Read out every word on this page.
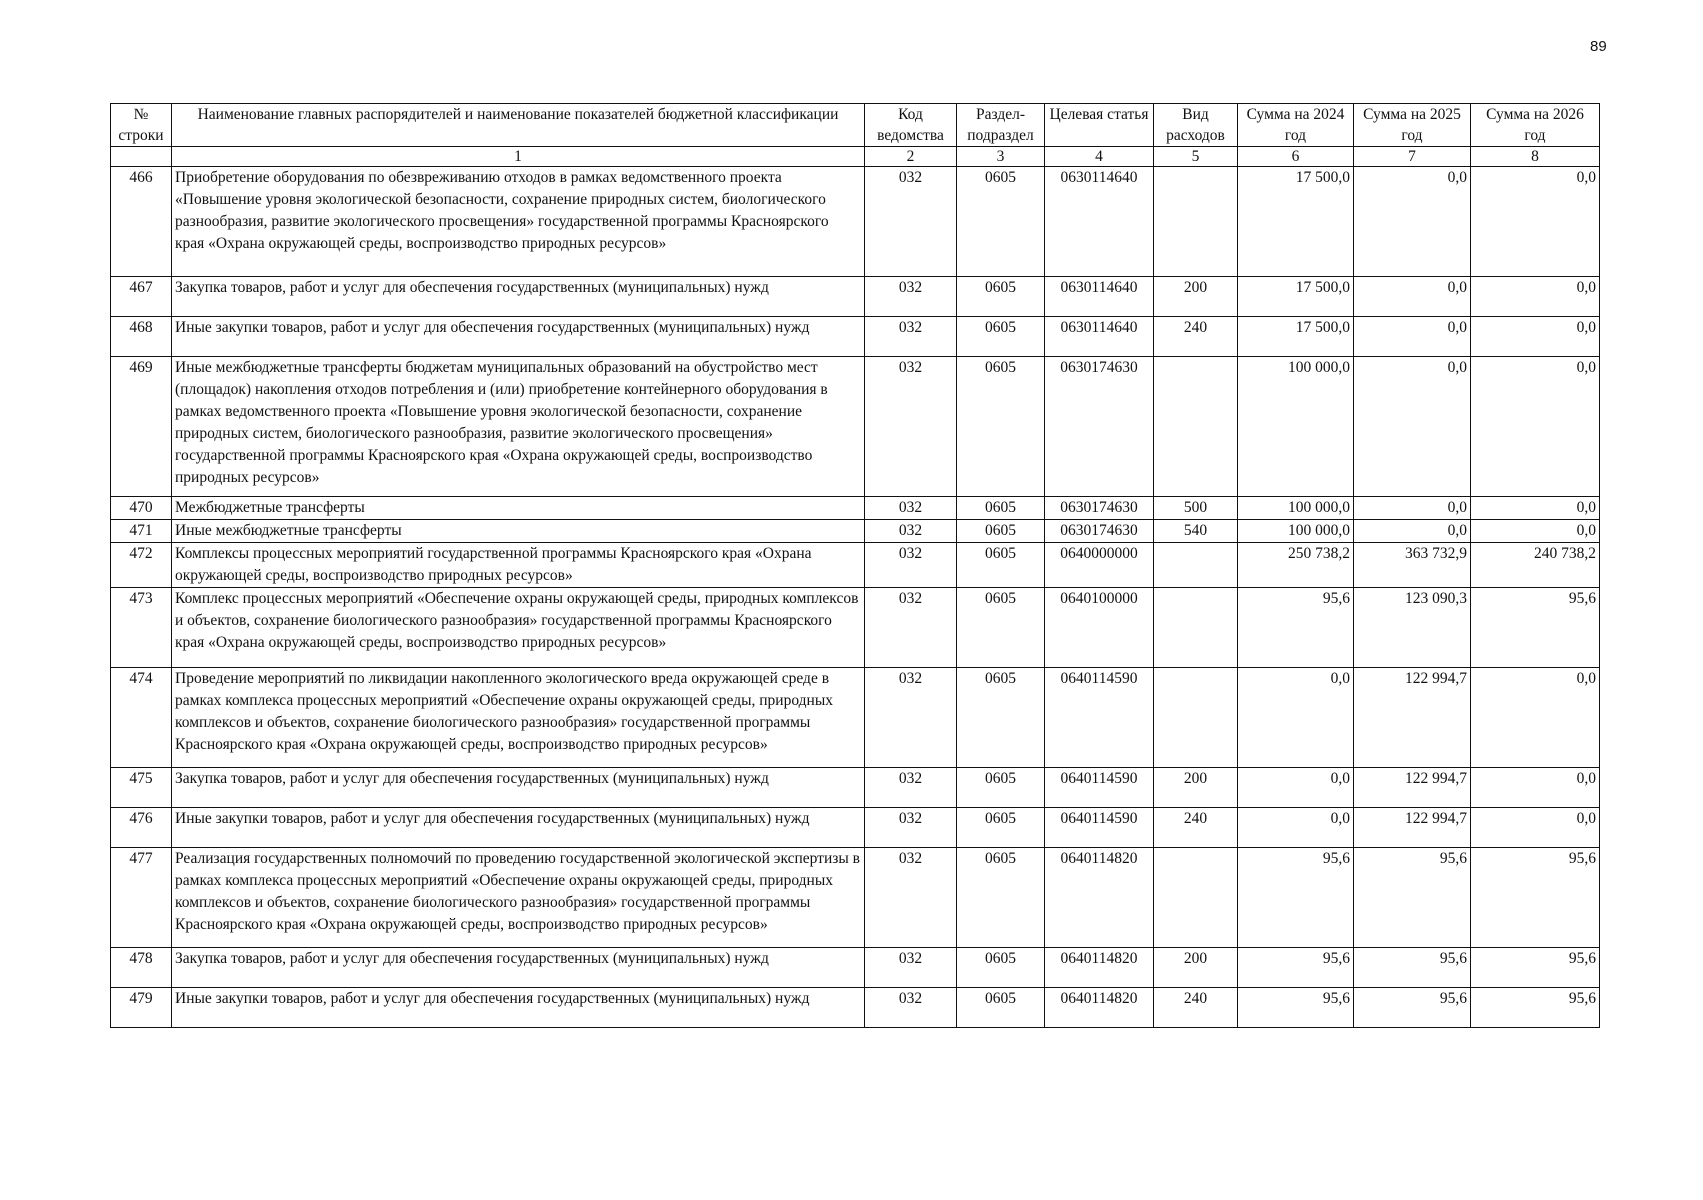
89
№ строки	Наименование главных распорядителей и наименование показателей бюджетной классификации	Код ведомства	Раздел-подраздел	Целевая статья	Вид расходов	Сумма на 2024 год	Сумма на 2025 год	Сумма на 2026 год
	1	2	3	4	5	6	7	8
466	Приобретение оборудования по обезвреживанию отходов в рамках ведомственного проекта «Повышение уровня экологической безопасности, сохранение природных систем, биологического разнообразия, развитие экологического просвещения» государственной программы Красноярского края «Охрана окружающей среды, воспроизводство природных ресурсов»	032	0605	0630114640		17 500,0	0,0	0,0
467	Закупка товаров, работ и услуг для обеспечения государственных (муниципальных) нужд	032	0605	0630114640	200	17 500,0	0,0	0,0
468	Иные закупки товаров, работ и услуг для обеспечения государственных (муниципальных) нужд	032	0605	0630114640	240	17 500,0	0,0	0,0
469	Иные межбюджетные трансферты бюджетам муниципальных образований на обустройство мест (площадок) накопления отходов потребления и (или) приобретение контейнерного оборудования в рамках ведомственного проекта «Повышение уровня экологической безопасности, сохранение природных систем, биологического разнообразия, развитие экологического просвещения» государственной программы Красноярского края «Охрана окружающей среды, воспроизводство природных ресурсов»	032	0605	0630174630		100 000,0	0,0	0,0
470	Межбюджетные трансферты	032	0605	0630174630	500	100 000,0	0,0	0,0
471	Иные межбюджетные трансферты	032	0605	0630174630	540	100 000,0	0,0	0,0
472	Комплексы процессных мероприятий государственной программы Красноярского края «Охрана окружающей среды, воспроизводство природных ресурсов»	032	0605	0640000000		250 738,2	363 732,9	240 738,2
473	Комплекс процессных мероприятий «Обеспечение охраны окружающей среды, природных комплексов и объектов, сохранение биологического разнообразия» государственной программы Красноярского края «Охрана окружающей среды, воспроизводство природных ресурсов»	032	0605	0640100000		95,6	123 090,3	95,6
474	Проведение мероприятий по ликвидации накопленного экологического вреда окружающей среде в рамках комплекса процессных мероприятий «Обеспечение охраны окружающей среды, природных комплексов и объектов, сохранение биологического разнообразия» государственной программы Красноярского края «Охрана окружающей среды, воспроизводство природных ресурсов»	032	0605	0640114590		0,0	122 994,7	0,0
475	Закупка товаров, работ и услуг для обеспечения государственных (муниципальных) нужд	032	0605	0640114590	200	0,0	122 994,7	0,0
476	Иные закупки товаров, работ и услуг для обеспечения государственных (муниципальных) нужд	032	0605	0640114590	240	0,0	122 994,7	0,0
477	Реализация государственных полномочий по проведению государственной экологической экспертизы в рамках комплекса процессных мероприятий «Обеспечение охраны окружающей среды, природных комплексов и объектов, сохранение биологического разнообразия» государственной программы Красноярского края «Охрана окружающей среды, воспроизводство природных ресурсов»	032	0605	0640114820		95,6	95,6	95,6
478	Закупка товаров, работ и услуг для обеспечения государственных (муниципальных) нужд	032	0605	0640114820	200	95,6	95,6	95,6
479	Иные закупки товаров, работ и услуг для обеспечения государственных (муниципальных) нужд	032	0605	0640114820	240	95,6	95,6	95,6
